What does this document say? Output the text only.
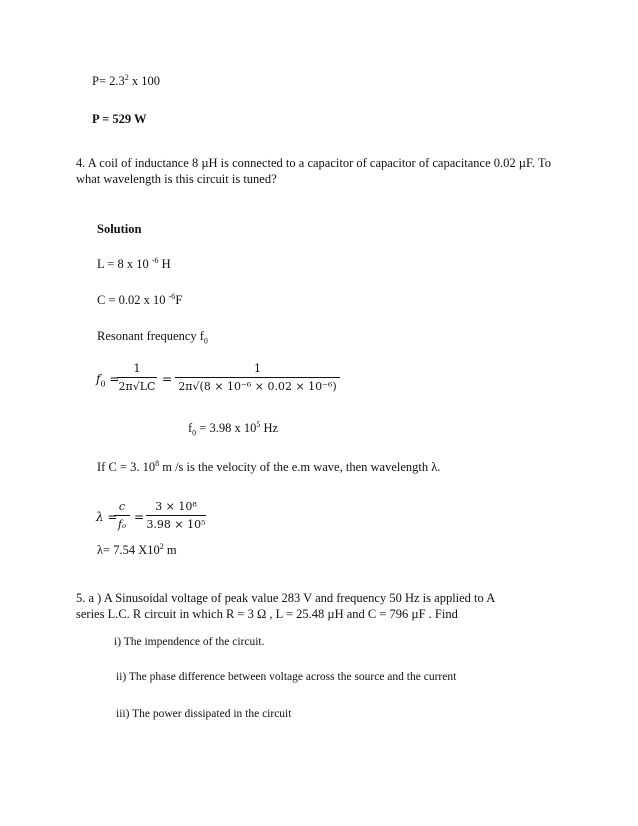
$P= 2.3^2$ x 100
P = 529 W
4. A coil of inductance 8 µH is connected to a capacitor of capacitor of capacitance 0.02 µF. To
what wavelength is this circuit is tuned?
Solution
L = 8 x 10 $^{-6}$ H
C = 0.02 x 10 $^{-6}$F
Resonant frequency $f_0$
$f_0$ =
1
2π√LC
=
1
2π√(8 × 10⁻⁶ × 0.02 × 10⁻⁶)
$f_0 = 3.98$ x $10^5$ Hz
If C = 3. $10^8$ m /s is the velocity of the e.m wave, then wavelength λ.
λ =
c
fₒ
=
3 × 10⁸
3.98 × 10⁵
λ= 7.54 $X10^2$ m
5. a ) A Sinusoidal voltage of peak value 283 V and frequency 50 Hz is applied to A
series L.C. R circuit in which R = 3 Ω , L = 25.48 µH and C = 796 µF . Find
i) The impendence of the circuit.
ii) The phase difference between voltage across the source and the current
iii) The power dissipated in the circuit
